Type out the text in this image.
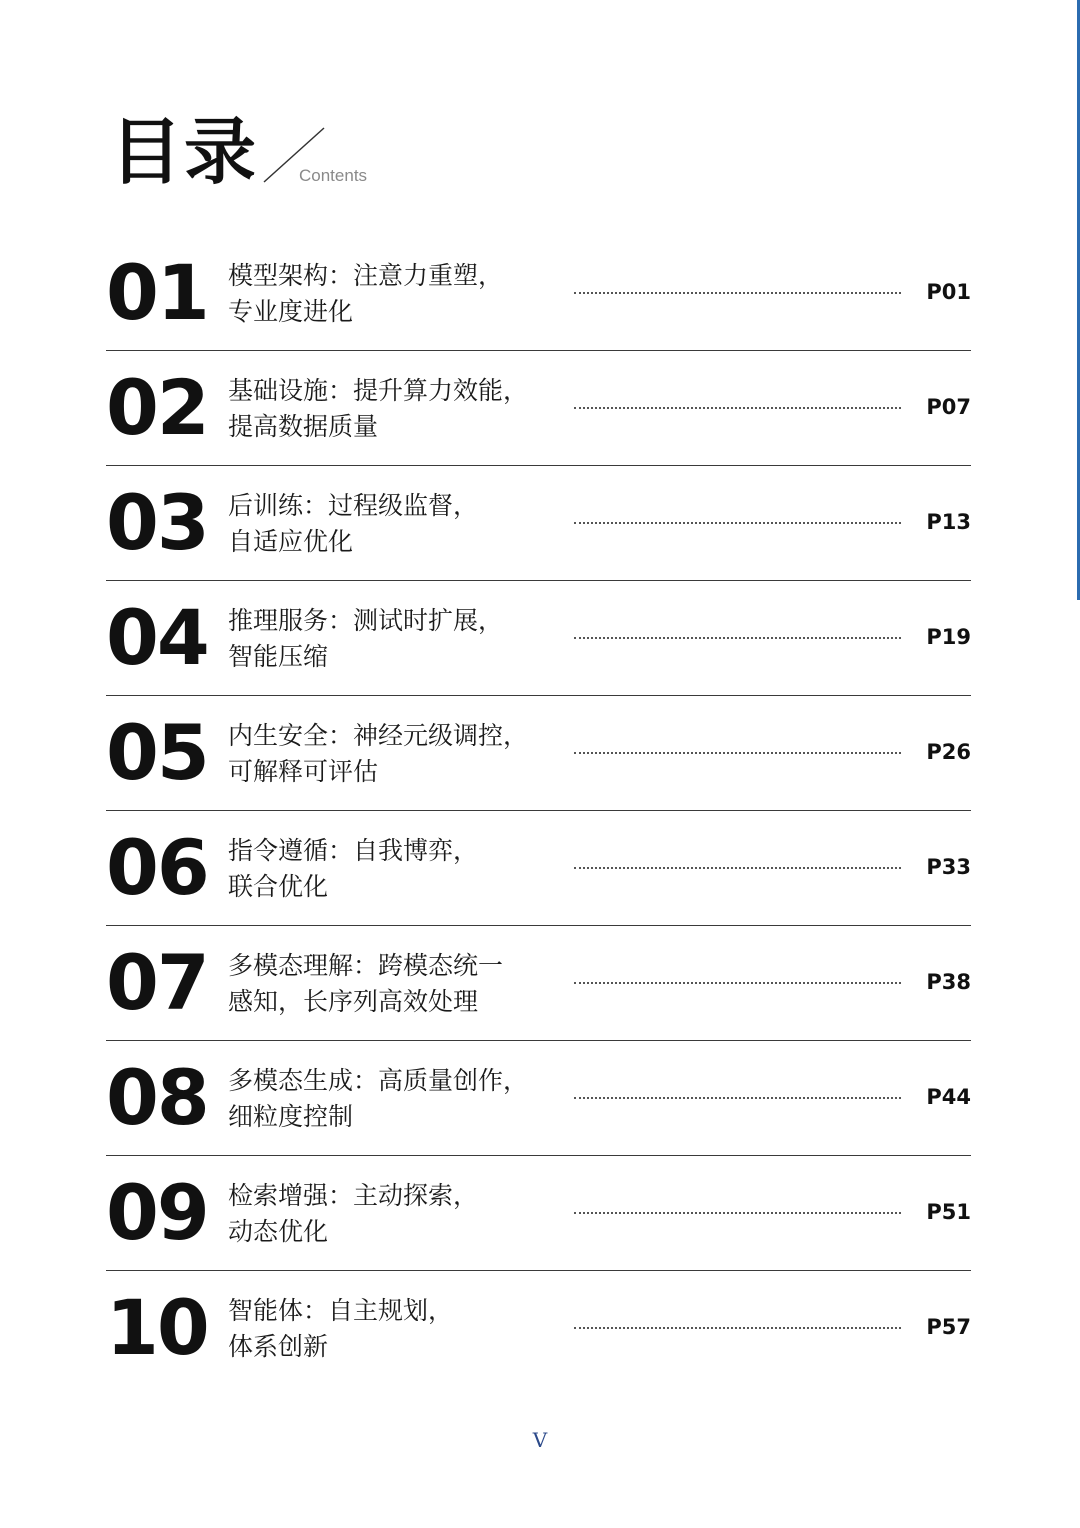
目录 Contents
01 模型架构：注意力重塑，
专业度进化
P01
02 基础设施：提升算力效能，
提高数据质量
P07
03 后训练：过程级监督，
自适应优化
P13
04 推理服务：测试时扩展，
智能压缩
P19
05 内生安全：神经元级调控，
可解释可评估
P26
06 指令遵循：自我博弈，
联合优化
P33
07 多模态理解：跨模态统一
感知，长序列高效处理
P38
08 多模态生成：高质量创作，
细粒度控制
P44
09 检索增强：主动探索，
动态优化
P51
10 智能体：自主规划，
体系创新
P57
V
